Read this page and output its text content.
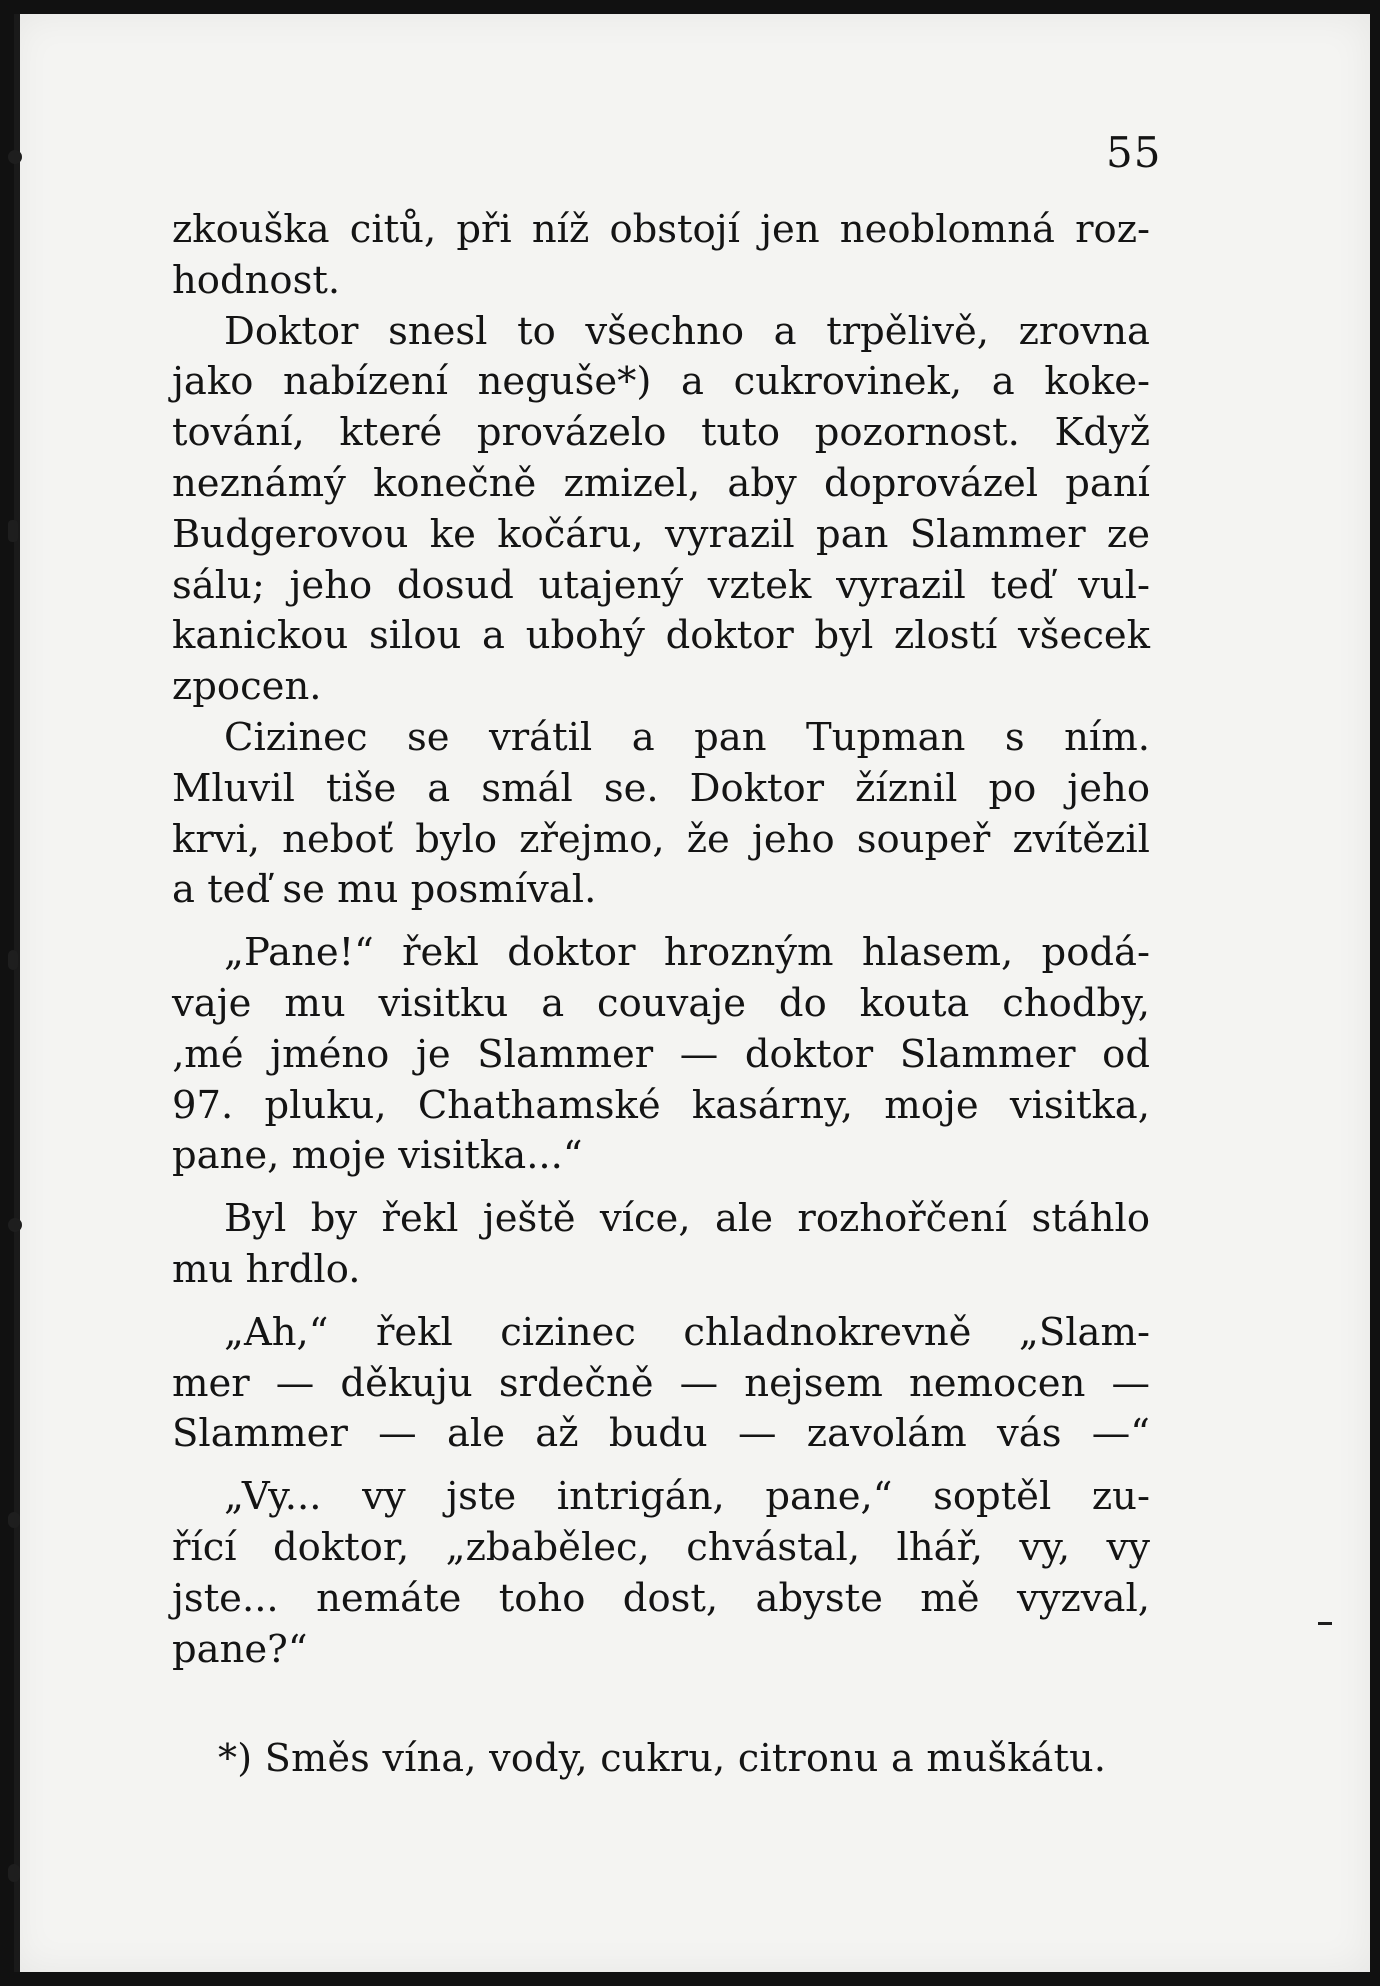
55
zkouška citů, při níž obstojí jen neoblomná roz-
hodnost.
Doktor snesl to všechno a trpělivě, zrovna
jako nabízení neguše*) a cukrovinek, a koke-
tování, které provázelo tuto pozornost. Když
neznámý konečně zmizel, aby doprovázel paní
Budgerovou ke kočáru, vyrazil pan Slammer ze
sálu; jeho dosud utajený vztek vyrazil teď vul-
kanickou silou a ubohý doktor byl zlostí všecek
zpocen.
Cizinec se vrátil a pan Tupman s ním.
Mluvil tiše a smál se. Doktor žíznil po jeho
krvi, neboť bylo zřejmo, že jeho soupeř zvítězil
a teď se mu posmíval.
„Pane!“ řekl doktor hrozným hlasem, podá-
vaje mu visitku a couvaje do kouta chodby,
‚mé jméno je Slammer — doktor Slammer od
97. pluku, Chathamské kasárny, moje visitka,
pane, moje visitka...“
Byl by řekl ještě více, ale rozhořčení stáhlo
mu hrdlo.
„Ah,“ řekl cizinec chladnokrevně „Slam-
mer — děkuju srdečně — nejsem nemocen —
Slammer — ale až budu — zavolám vás —“
„Vy... vy jste intrigán, pane,“ soptěl zu-
řící doktor, „zbabělec, chvástal, lhář, vy, vy
jste... nemáte toho dost, abyste mě vyzval,
pane?“
*) Směs vína, vody, cukru, citronu a muškátu.
